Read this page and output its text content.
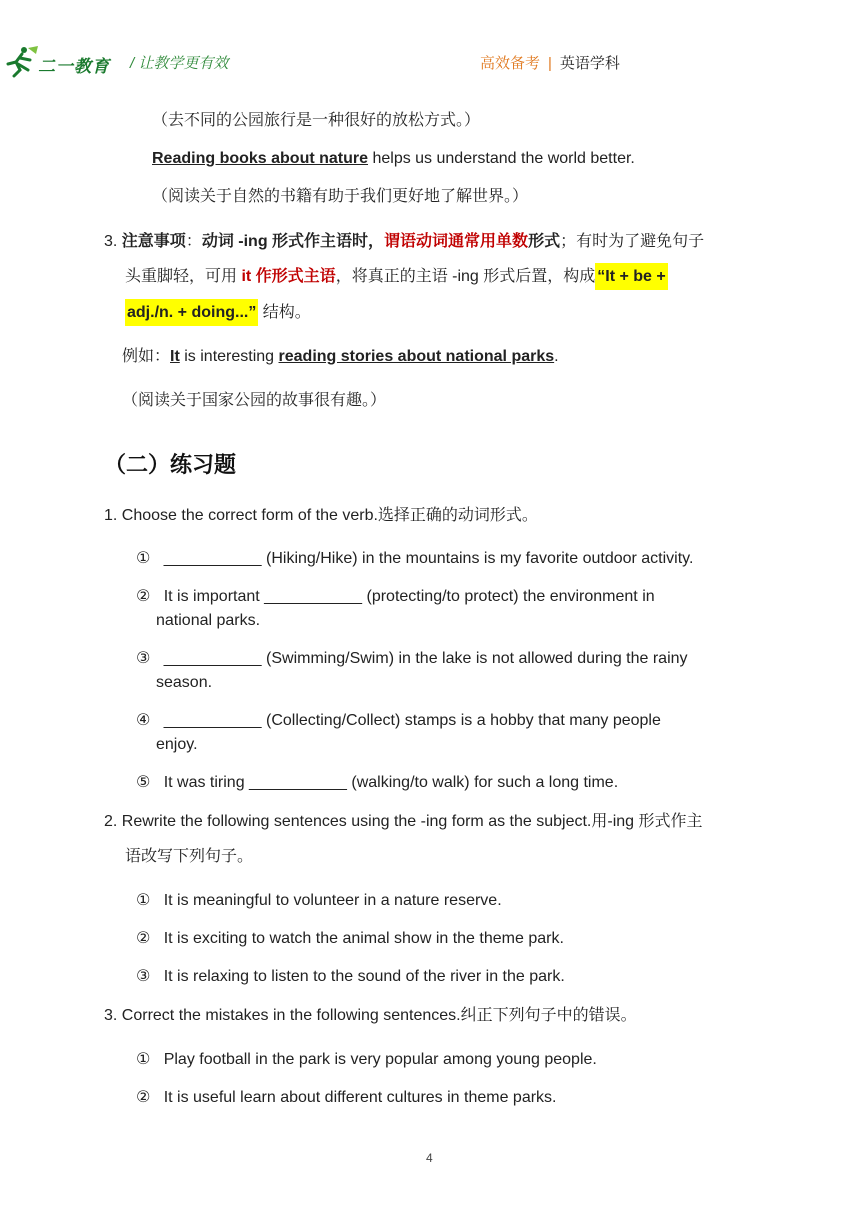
二一教育 / 让教学更有效	高效备考 | 英语学科
（去不同的公园旅行是一种很好的放松方式。）
Reading books about nature helps us understand the world better.
（阅读关于自然的书籍有助于我们更好地了解世界。）
3. 注意事项：动词 -ing 形式作主语时，谓语动词通常用单数形式；有时为了避免句子
头重脚轻，可用 it 作形式主语，将真正的主语 -ing 形式后置，构成 “It + be +
adj./n. + doing...” 结构。
例如：It is interesting reading stories about national parks.
（阅读关于国家公园的故事很有趣。）
（二）练习题
1. Choose the correct form of the verb.选择正确的动词形式。
① ___________ (Hiking/Hike) in the mountains is my favorite outdoor activity.
② It is important ___________ (protecting/to protect) the environment in
national parks.
③ ___________ (Swimming/Swim) in the lake is not allowed during the rainy
season.
④ ___________ (Collecting/Collect) stamps is a hobby that many people
enjoy.
⑤ It was tiring ___________ (walking/to walk) for such a long time.
2. Rewrite the following sentences using the -ing form as the subject.用-ing 形式作主
语改写下列句子。
① It is meaningful to volunteer in a nature reserve.
② It is exciting to watch the animal show in the theme park.
③ It is relaxing to listen to the sound of the river in the park.
3. Correct the mistakes in the following sentences.纠正下列句子中的错误。
① Play football in the park is very popular among young people.
② It is useful learn about different cultures in theme parks.
4
